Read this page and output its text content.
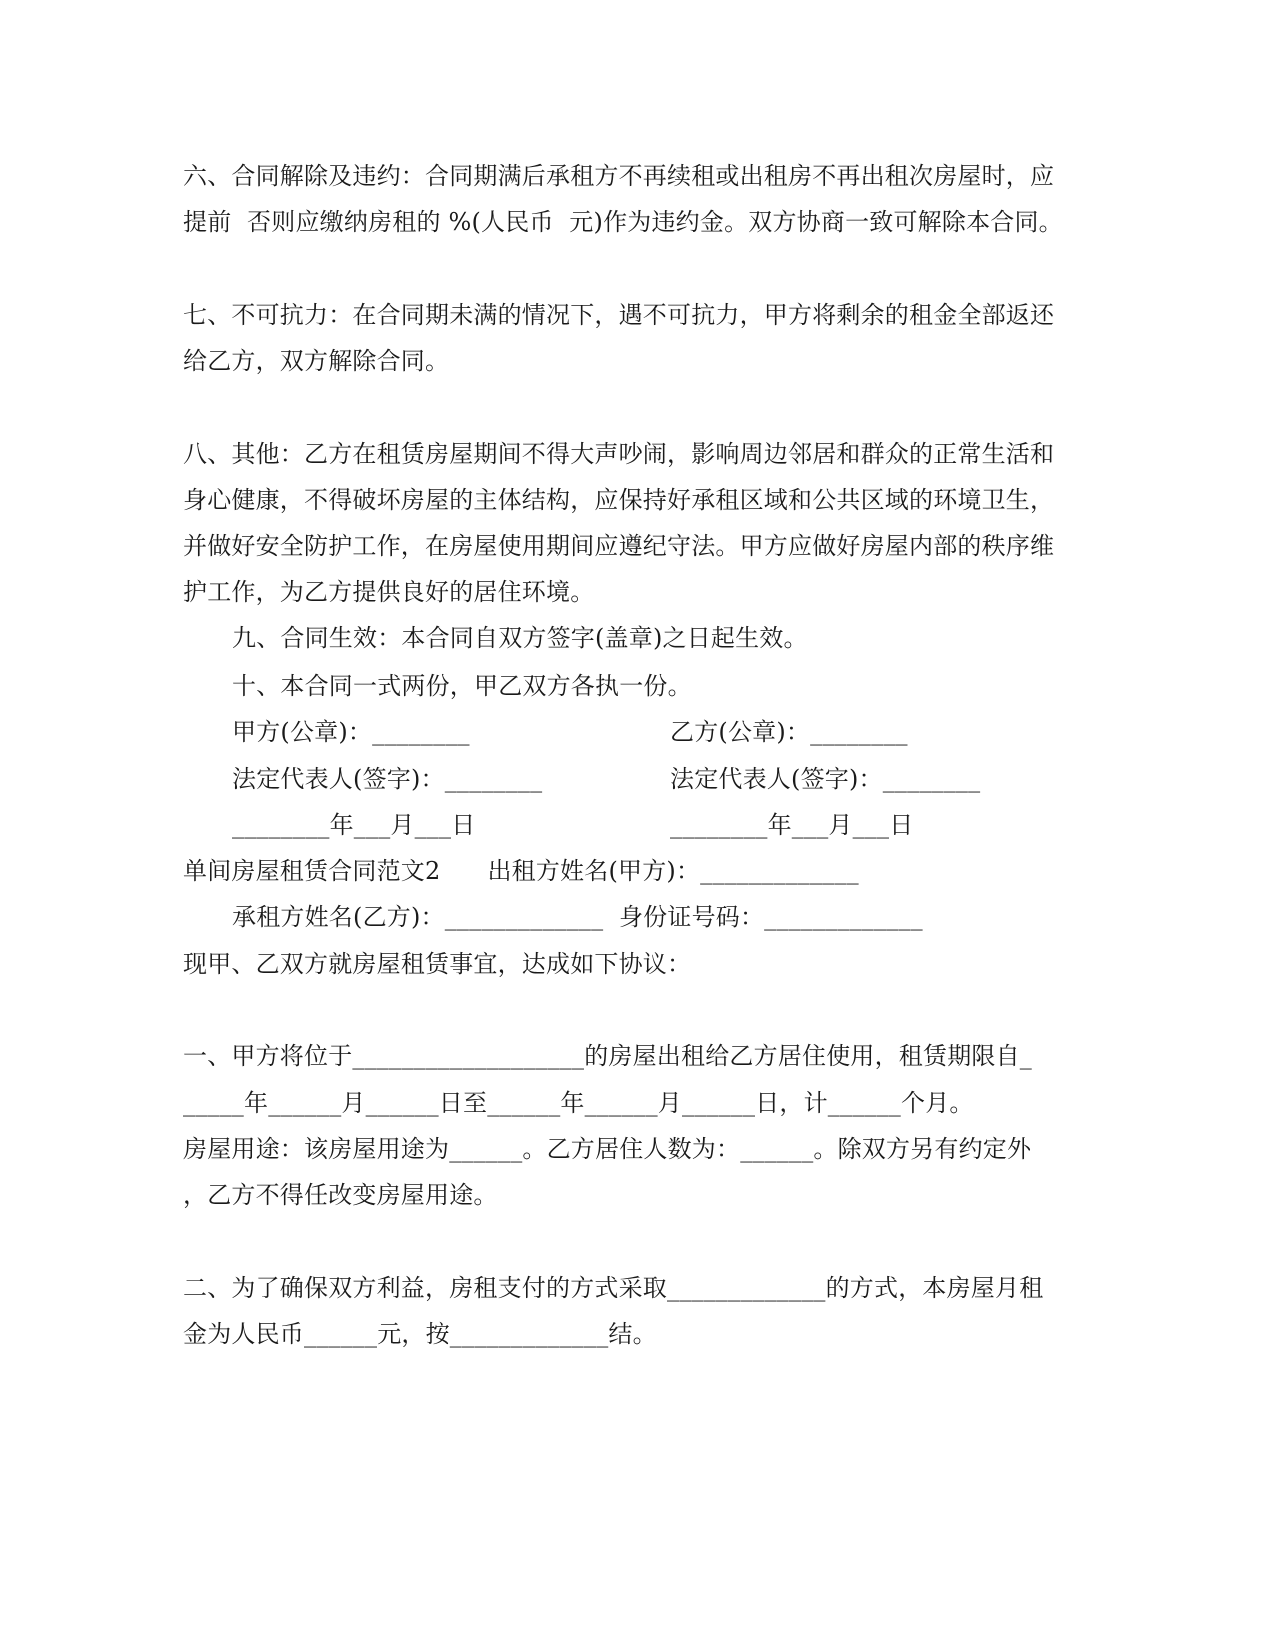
六、合同解除及违约：合同期满后承租方不再续租或出租房不再出租次房屋时，应
提前  否则应缴纳房租的 %(人民币  元)作为违约金。双方协商一致可解除本合同。
七、不可抗力：在合同期未满的情况下，遇不可抗力，甲方将剩余的租金全部返还
给乙方，双方解除合同。
八、其他：乙方在租赁房屋期间不得大声吵闹，影响周边邻居和群众的正常生活和
身心健康，不得破坏房屋的主体结构，应保持好承租区域和公共区域的环境卫生，
并做好安全防护工作，在房屋使用期间应遵纪守法。甲方应做好房屋内部的秩序维
护工作，为乙方提供良好的居住环境。
九、合同生效：本合同自双方签字(盖章)之日起生效。
十、本合同一式两份，甲乙双方各执一份。
甲方(公章)：________	乙方(公章)：________
法定代表人(签字)：________	法定代表人(签字)：________
________年___月___日	________年___月___日
单间房屋租赁合同范文2      出租方姓名(甲方)：_____________
承租方姓名(乙方)：_____________  身份证号码：_____________
现甲、乙双方就房屋租赁事宜，达成如下协议：
一、甲方将位于___________________的房屋出租给乙方居住使用，租赁期限自_
_____年______月______日至______年______月______日，计______个月。
房屋用途：该房屋用途为______。乙方居住人数为：______。除双方另有约定外
，乙方不得任改变房屋用途。
二、为了确保双方利益，房租支付的方式采取_____________的方式，本房屋月租
金为人民币______元，按_____________结。
